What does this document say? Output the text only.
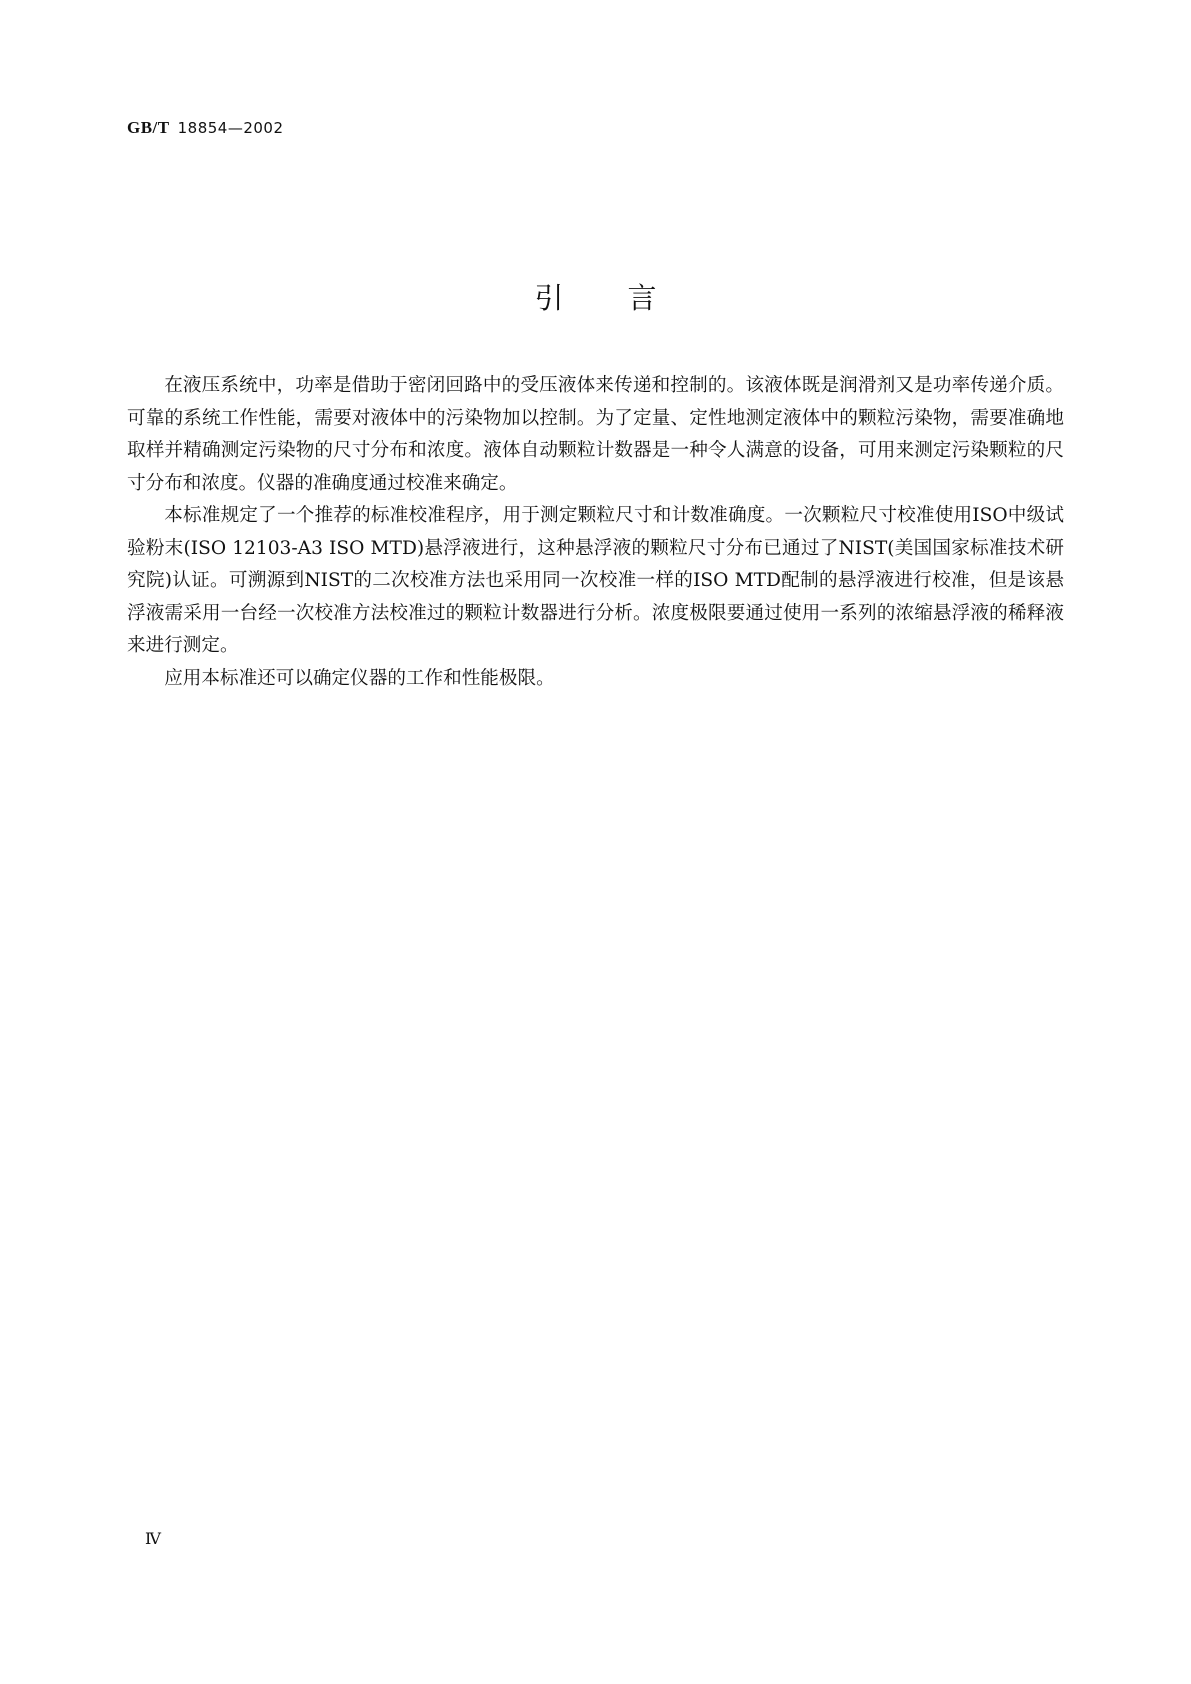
GB/T 18854—2002
引言

在液压系统中，功率是借助于密闭回路中的受压液体来传递和控制的。该液体既是润滑剂又是功率传递介质。可靠的系统工作性能，需要对液体中的污染物加以控制。为了定量、定性地测定液体中的颗粒污染物，需要准确地取样并精确测定污染物的尺寸分布和浓度。液体自动颗粒计数器是一种令人满意的设备，可用来测定污染颗粒的尺寸分布和浓度。仪器的准确度通过校准来确定。

本标准规定了一个推荐的标准校准程序，用于测定颗粒尺寸和计数准确度。一次颗粒尺寸校准使用ISO中级试验粉末(ISO 12103-A3 ISO MTD)悬浮液进行，这种悬浮液的颗粒尺寸分布已通过了NIST(美国国家标准技术研究院)认证。可溯源到NIST的二次校准方法也采用同一次校准一样的ISO MTD配制的悬浮液进行校准，但是该悬浮液需采用一台经一次校准方法校准过的颗粒计数器进行分析。浓度极限要通过使用一系列的浓缩悬浮液的稀释液来进行测定。

应用本标准还可以确定仪器的工作和性能极限。

Ⅳ
